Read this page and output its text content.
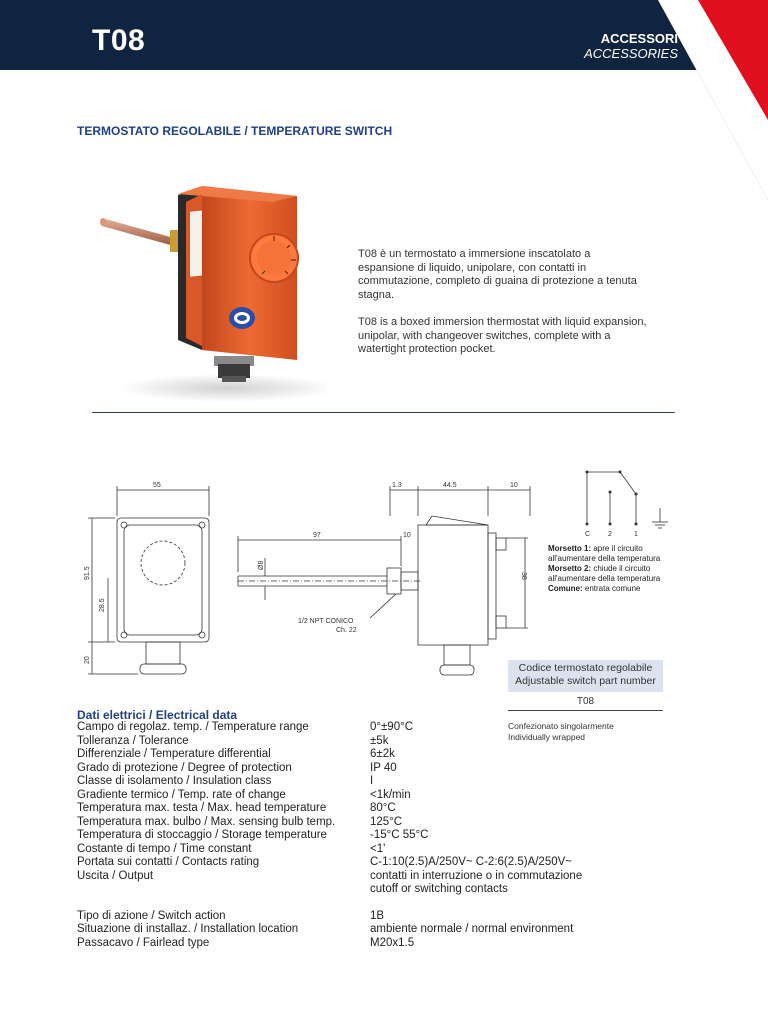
T08	ACCESSORI
ACCESSORIES
TERMOSTATO REGOLABILE / TEMPERATURE SWITCH

T08 è un termostato a immersione inscatolato a espansione di liquido, unipolare, con contatti in commutazione, completo di guaina di protezione a tenuta stagna.

T08 is a boxed immersion thermostat with liquid expansion, unipolar, with changeover switches, complete with a watertight protection pocket.

55
91.5
28.5
20
1.3	44.5	10
97	10
Ø8
38
1/2 NPT CONICO
Ch. 22
C	2	1
Morsetto 1: apre il circuito all'aumentare della temperatura
Morsetto 2: chiude il circuito all'aumentare della temperatura
Comune: entrata comune
Codice termostato regolabile Adjustable switch part number
T08
Confezionato singolarmente
Individually wrapped
Dati elettrici / Electrical data
Campo di regolaz. temp. / Temperature range	0°±90°C
Tolleranza / Tolerance	±5k
Differenziale / Temperature differential	6±2k
Grado di protezione / Degree of protection	IP 40
Classe di isolamento / Insulation class	I
Gradiente termico / Temp. rate of change	<1k/min
Temperatura max. testa / Max. head temperature	80°C
Temperatura max. bulbo / Max. sensing bulb temp.	125°C
Temperatura di stoccaggio / Storage temperature	-15°C 55°C
Costante di tempo / Time constant	<1'
Portata sui contatti / Contacts rating	C-1:10(2.5)A/250V~ C-2:6(2.5)A/250V~
Uscita / Output	contatti in interruzione o in commutazione cutoff or switching contacts
Tipo di azione / Switch action	1B
Situazione di installaz. / Installation location	ambiente normale / normal environment
Passacavo / Fairlead type	M20x1.5
